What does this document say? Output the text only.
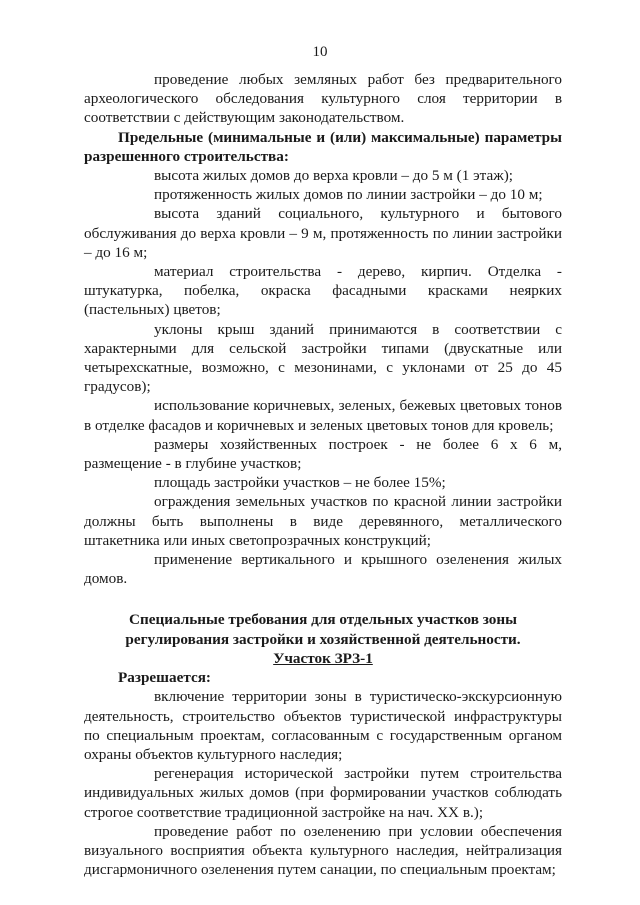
10

проведение любых земляных работ без предварительного археологического обследования культурного слоя территории в соответствии с действующим законодательством.

Предельные (минимальные и (или) максимальные) параметры разрешенного строительства:

высота жилых домов до верха кровли – до 5 м (1 этаж);

протяженность жилых домов по линии застройки – до 10 м;

высота зданий социального, культурного и бытового обслуживания до верха кровли – 9 м, протяженность по линии застройки – до 16 м;

материал строительства - дерево, кирпич. Отделка - штукатурка, побелка, окраска фасадными красками неярких (пастельных) цветов;

уклоны крыш зданий принимаются в соответствии с характерными для сельской застройки типами (двускатные или четырехскатные, возможно, с мезонинами, с уклонами от 25 до 45 градусов);

использование коричневых, зеленых, бежевых цветовых тонов в отделке фасадов и коричневых и зеленых цветовых тонов для кровель;

размеры хозяйственных построек - не более 6 х 6 м, размещение - в глубине участков;

площадь застройки участков – не более 15%;

ограждения земельных участков по красной линии застройки должны быть выполнены в виде деревянного, металлического штакетника или иных светопрозрачных конструкций;

применение вертикального и крышного озеленения жилых домов.

Специальные требования для отдельных участков зоны

регулирования застройки и хозяйственной деятельности.

Участок ЗРЗ-1

Разрешается:

включение территории зоны в туристическо-экскурсионную деятельность, строительство объектов туристической инфраструктуры по специальным проектам, согласованным с государственным органом охраны объектов культурного наследия;

регенерация исторической застройки путем строительства индивидуальных жилых домов (при формировании участков соблюдать строгое соответствие традиционной застройке на нач. XX в.);

проведение работ по озеленению при условии обеспечения визуального восприятия объекта культурного наследия, нейтрализация дисгармоничного озеленения путем санации, по специальным проектам;
